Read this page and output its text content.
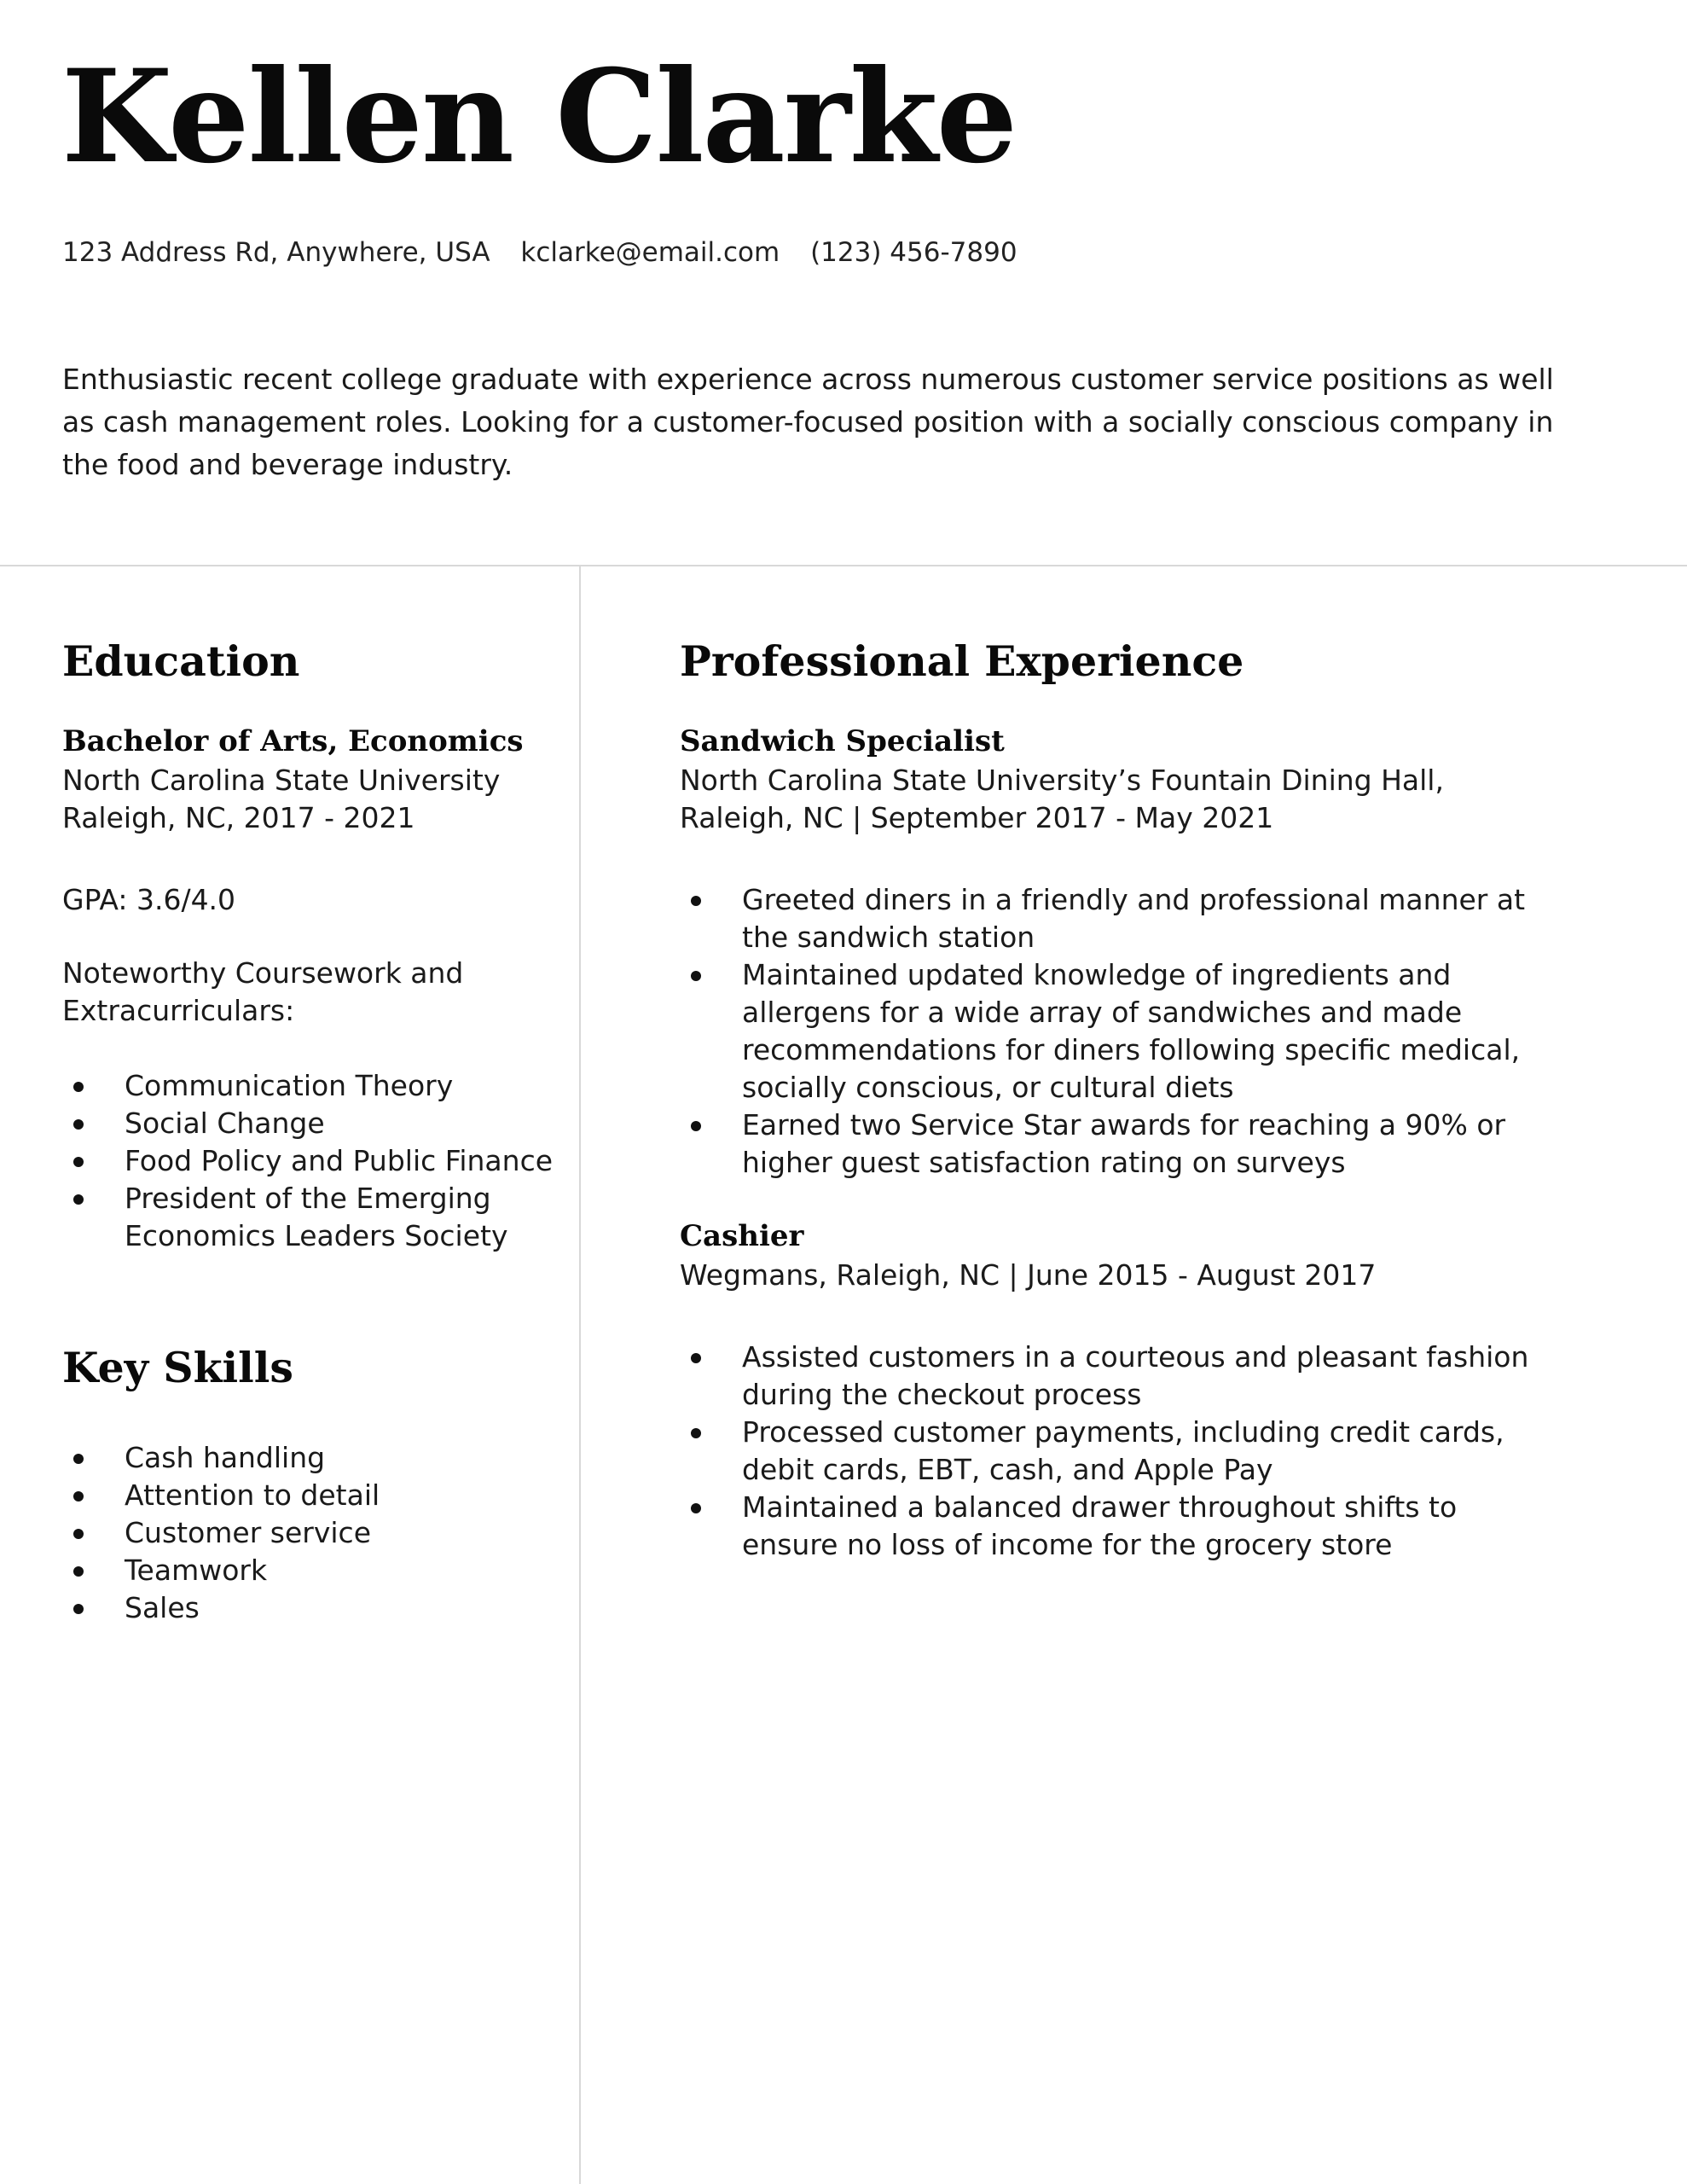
Kellen Clarke
123 Address Rd, Anywhere, USA kclarke@email.com (123) 456-7890

Enthusiastic recent college graduate with experience across numerous customer service positions as well as cash management roles. Looking for a customer-focused position with a socially conscious company in the food and beverage industry.

Education
Bachelor of Arts, Economics

North Carolina State University

Raleigh, NC, 2017 - 2021

GPA: 3.6/4.0

Noteworthy Coursework and

Extracurriculars:

Communication Theory
Social Change
Food Policy and Public Finance
President of the Emerging Economics Leaders Society
Key Skills
Cash handling
Attention to detail
Customer service
Teamwork
Sales
Professional Experience
Sandwich Specialist

North Carolina State University’s Fountain Dining Hall, Raleigh, NC | September 2017 - May 2021

Greeted diners in a friendly and professional manner at the sandwich station
Maintained updated knowledge of ingredients and allergens for a wide array of sandwiches and made recommendations for diners following specific medical, socially conscious, or cultural diets
Earned two Service Star awards for reaching a 90% or higher guest satisfaction rating on surveys
Cashier

Wegmans, Raleigh, NC | June 2015 - August 2017

Assisted customers in a courteous and pleasant fashion during the checkout process
Processed customer payments, including credit cards, debit cards, EBT, cash, and Apple Pay
Maintained a balanced drawer throughout shifts to ensure no loss of income for the grocery store
